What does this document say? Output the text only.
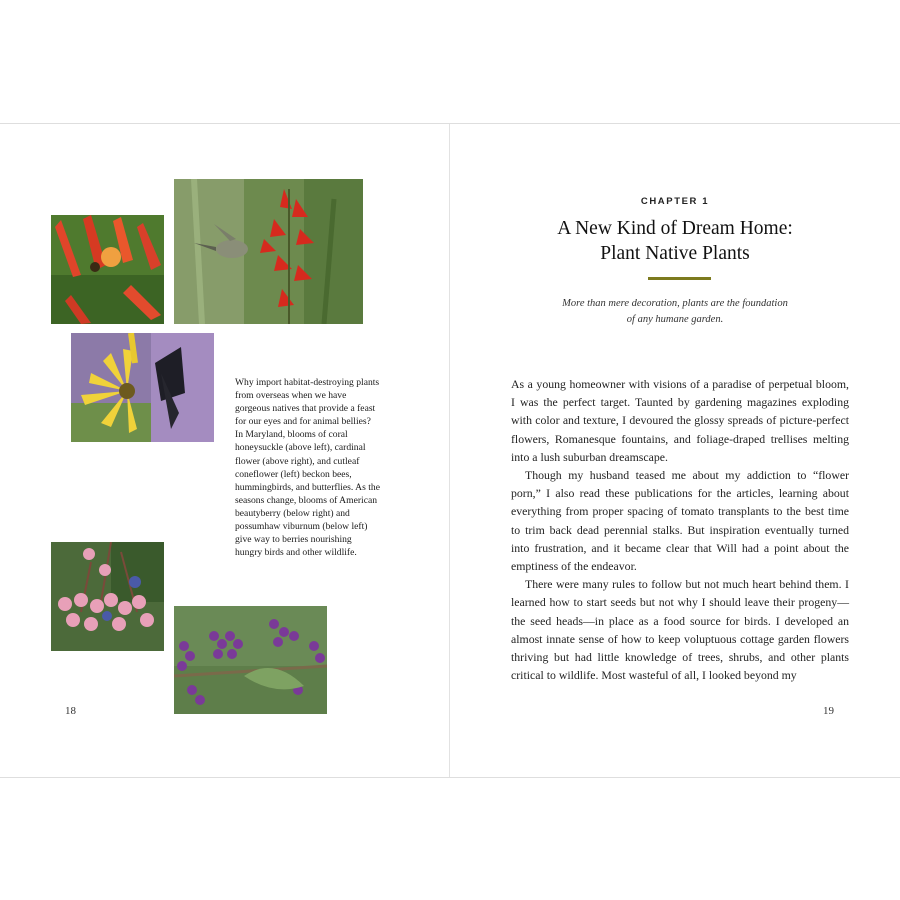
Why import habitat-destroying plants from overseas when we have gorgeous natives that provide a feast for our eyes and for animal bellies? In Maryland, blooms of coral honeysuckle (above left), cardinal flower (above right), and cutleaf coneflower (left) beckon bees, hummingbirds, and butterflies. As the seasons change, blooms of American beautyberry (below right) and possumhaw viburnum (below left) give way to berries nourishing hungry birds and other wildlife.
18
CHAPTER 1
A New Kind of Dream Home:
Plant Native Plants
More than mere decoration, plants are the foundation
of any humane garden.

As a young homeowner with visions of a paradise of perpetual bloom, I was the perfect target. Taunted by gardening magazines exploding with color and texture, I devoured the glossy spreads of picture-perfect flowers, Romanesque fountains, and foliage-draped trellises melting into a lush suburban dreamscape.

Though my husband teased me about my addiction to “flower porn,” I also read these publications for the articles, learning about everything from proper spacing of tomato transplants to the best time to trim back dead perennial stalks. But inspiration eventually turned into frustration, and it became clear that Will had a point about the emptiness of the endeavor.

There were many rules to follow but not much heart behind them. I learned how to start seeds but not why I should leave their progeny—the seed heads—in place as a food source for birds. I developed an almost innate sense of how to keep voluptuous cottage garden flowers thriving but had little knowledge of trees, shrubs, and other plants critical to wildlife. Most wasteful of all, I looked beyond my

19
